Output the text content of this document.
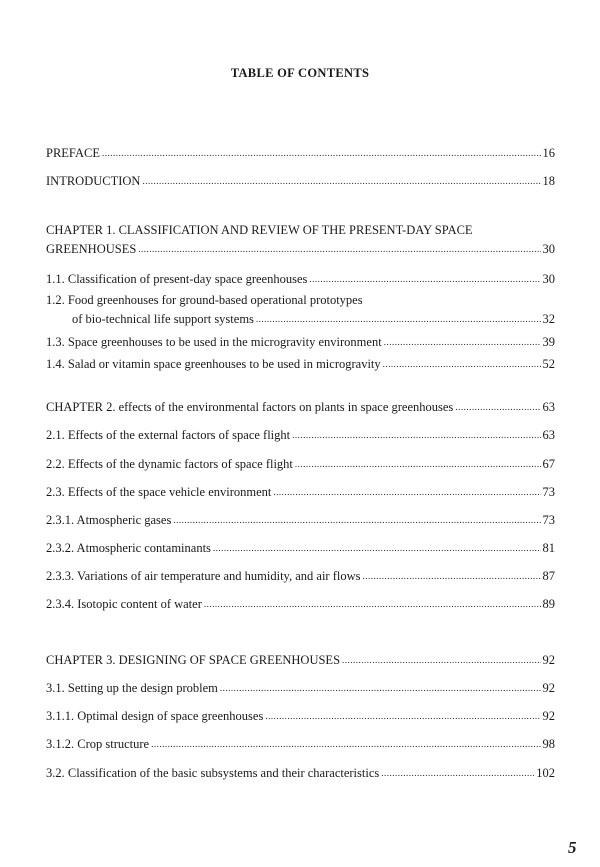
TABLE OF CONTENTS
PREFACE .....	16
INTRODUCTION .....	18
CHAPTER 1. CLASSIFICATION AND REVIEW OF THE PRESENT-DAY SPACE
GREENHOUSES .....	30
1.1. Classification of present-day space greenhouses .....	30
1.2. Food greenhouses for ground-based operational prototypes
of bio-technical life support systems .....	32
1.3. Space greenhouses to be used in the microgravity environment .....	39
1.4. Salad or vitamin space greenhouses to be used in microgravity .....	52
CHAPTER 2. effects of the environmental factors on plants in space greenhouses .....	63
2.1. Effects of the external factors of space flight .....	63
2.2. Effects of the dynamic factors of space flight .....	67
2.3. Effects of the space vehicle environment .....	73
2.3.1. Atmospheric gases .....	73
2.3.2. Atmospheric contaminants .....	81
2.3.3. Variations of air temperature and humidity, and air flows .....	87
2.3.4. Isotopic content of water .....	89
CHAPTER 3. DESIGNING OF SPACE GREENHOUSES .....	92
3.1. Setting up the design problem .....	92
3.1.1. Optimal design of space greenhouses .....	92
3.1.2. Crop structure .....	98
3.2. Classification of the basic subsystems and their characteristics .....	102
5
